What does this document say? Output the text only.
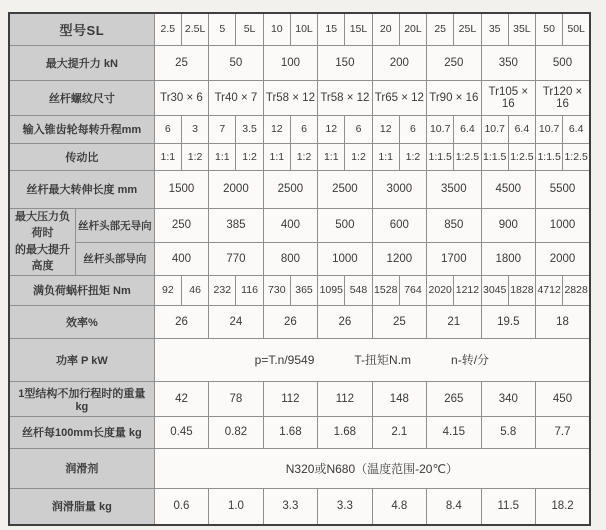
型号SL		2.5	2.5L	5	5L	10	10L	15	15L	20	20L	25	25L	35	35L	50	50L
最大提升力 kN		25		50		100		150		200		250		350		500	
丝杆螺纹尺寸		Tr30 × 6		Tr40 × 7		Tr58 × 12		Tr58 × 12		Tr65 × 12		Tr90 × 16		Tr105 × 16		Tr120 × 16	
输入锥齿轮每转升程mm		6	3	7	3.5	12	6	12	6	12	6	10.7	6.4	10.7	6.4	10.7	6.4
传动比		1:1	1:2	1:1	1:2	1:1	1:2	1:1	1:2	1:1	1:2	1:1.5	1:2.5	1:1.5	1:2.5	1:1.5	1:2.5
丝杆最大转伸长度 mm		1500		2000		2500		2500		3000		3500		4500		5500	

最大压力负荷时
的最大提升高度	丝杆头部无导向	250		385		400		500		600		850		900		1000	
	丝杆头部导向	400		770		800		1000		1200		1700		1800		2000	
满负荷蜗杆扭矩 Nm		92	46	232	116	730	365	1095	548	1528	764	2020	1212	3045	1828	4712	2828
效率%		26		24		26		26		25		21		19.5		18	
功率 P kW		p=T.n/9549 T-扭矩N.m n-转/分															
1型结构不加行程时的重量 kg		42		78		112		112		148		265		340		450	
丝杆每100mm长度量 kg		0.45		0.82		1.68		1.68		2.1		4.15		5.8		7.7	
润滑剂		N320或N680（温度范围-20℃）															
润滑脂量 kg		0.6		1.0		3.3		3.3		4.8		8.4		11.5		18.2	
